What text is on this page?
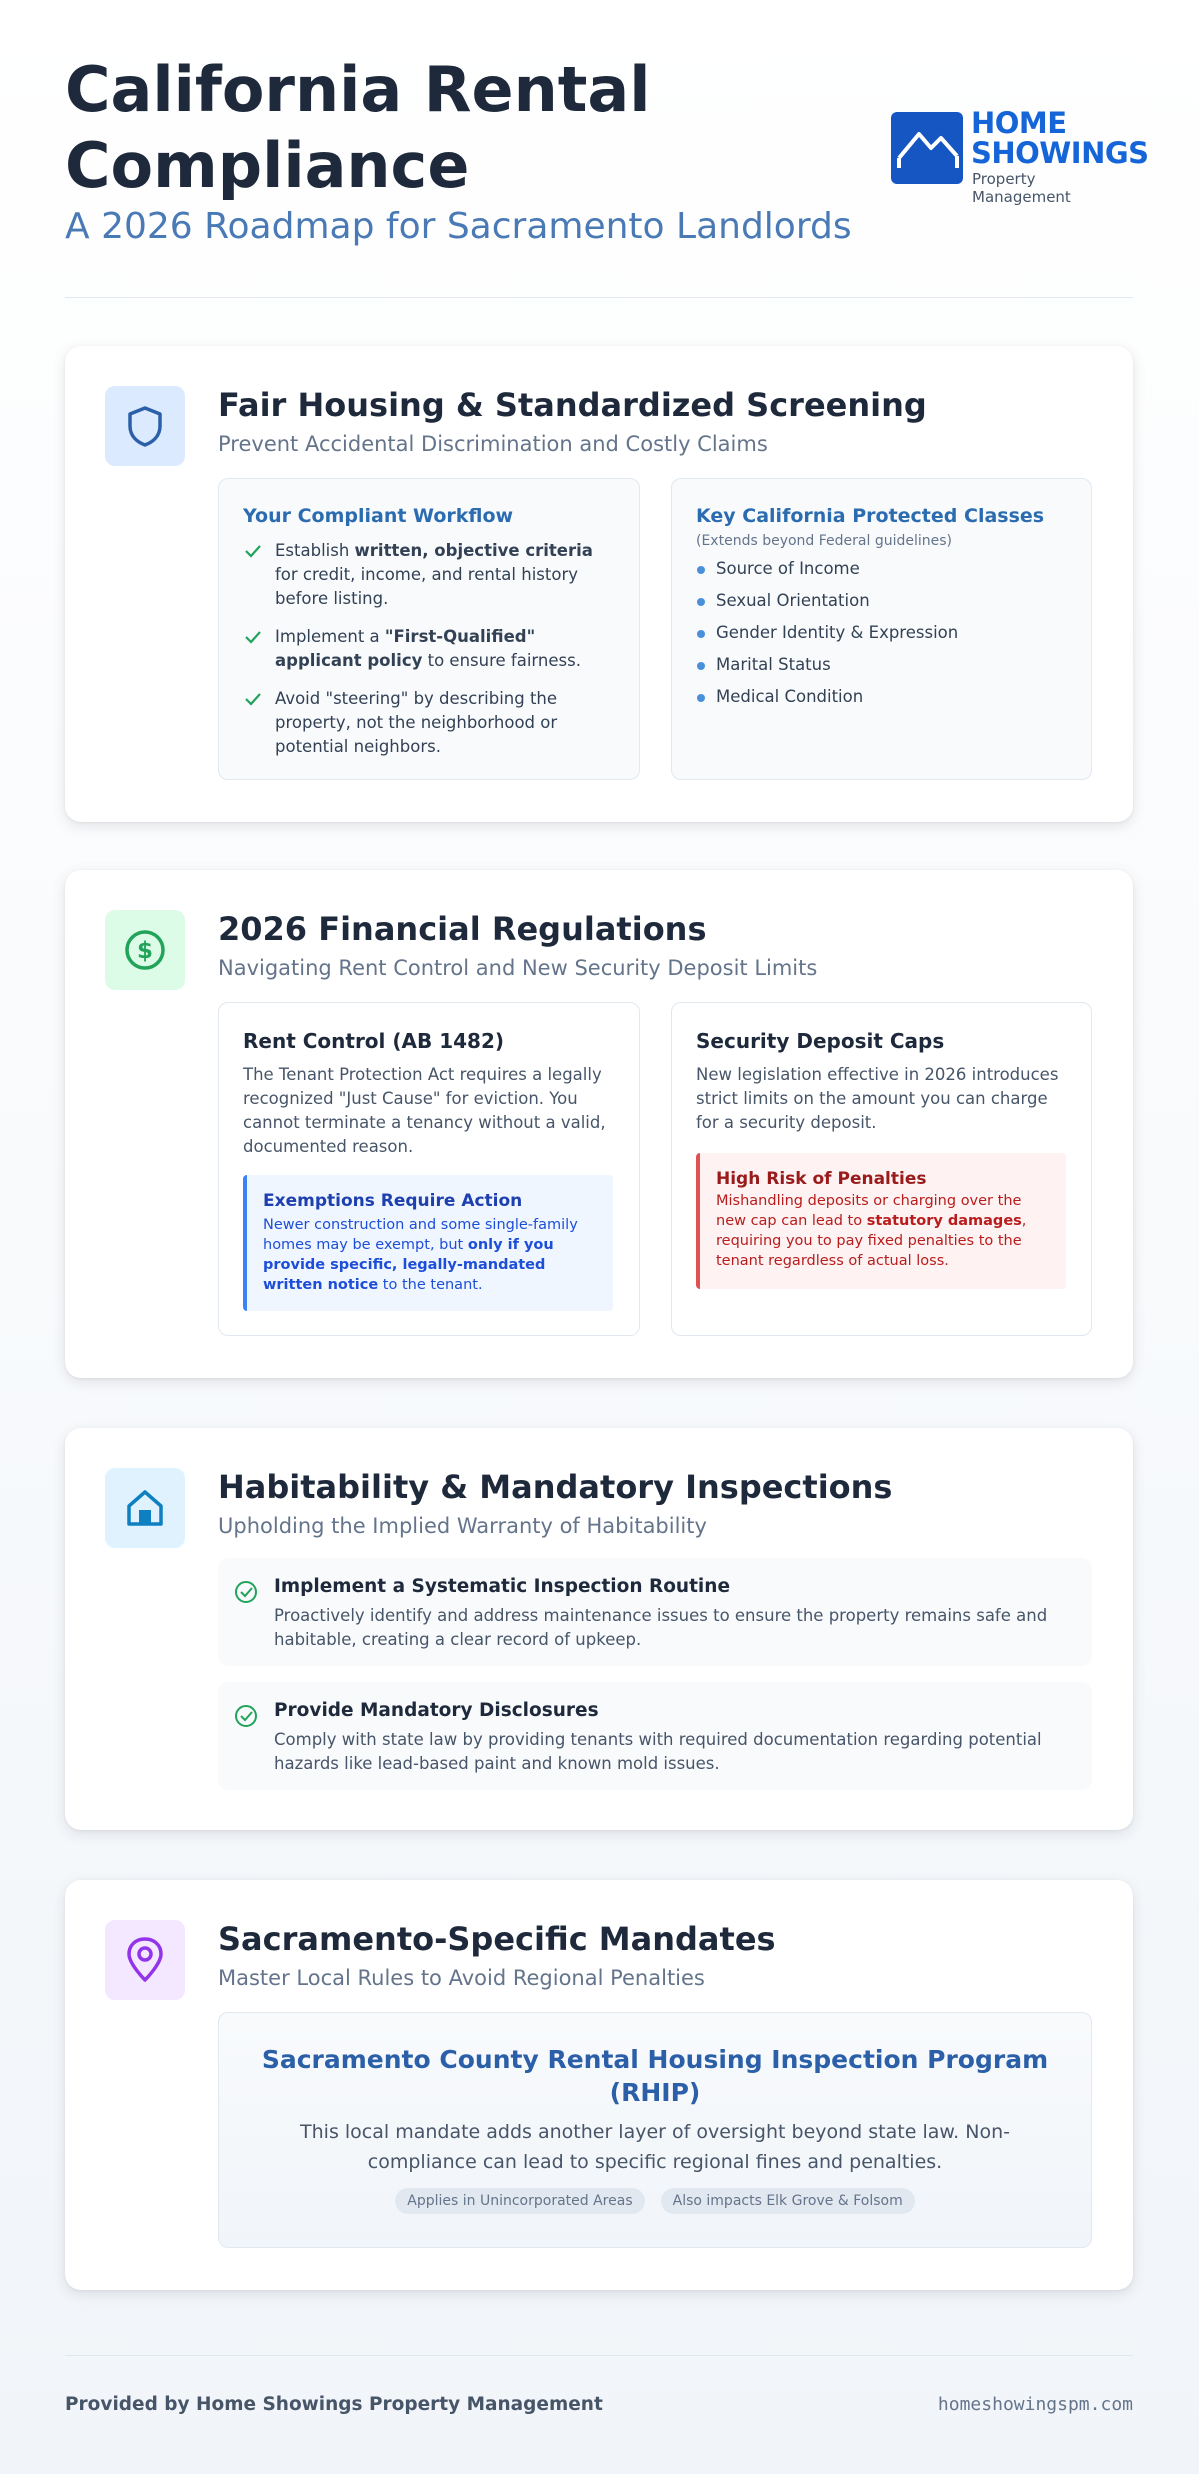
California Rental Compliance
A 2026 Roadmap for Sacramento Landlords
HOME
SHOWINGS
Property Management
Fair Housing & Standardized Screening
Prevent Accidental Discrimination and Costly Claims
Your Compliant Workflow
Establish written, objective criteria for credit, income, and rental history before listing.
Implement a "First-Qualified" applicant policy to ensure fairness.
Avoid "steering" by describing the property, not the neighborhood or potential neighbors.
Key California Protected Classes
(Extends beyond Federal guidelines)
Source of Income
Sexual Orientation
Gender Identity & Expression
Marital Status
Medical Condition
$
2026 Financial Regulations
Navigating Rent Control and New Security Deposit Limits
Rent Control (AB 1482)
The Tenant Protection Act requires a legally recognized "Just Cause" for eviction. You cannot terminate a tenancy without a valid, documented reason.
Exemptions Require Action
Newer construction and some single-family homes may be exempt, but only if you provide specific, legally-mandated written notice to the tenant.
Security Deposit Caps
New legislation effective in 2026 introduces strict limits on the amount you can charge for a security deposit.
High Risk of Penalties
Mishandling deposits or charging over the new cap can lead to statutory damages, requiring you to pay fixed penalties to the tenant regardless of actual loss.
Habitability & Mandatory Inspections
Upholding the Implied Warranty of Habitability
Implement a Systematic Inspection Routine
Proactively identify and address maintenance issues to ensure the property remains safe and habitable, creating a clear record of upkeep.
Provide Mandatory Disclosures
Comply with state law by providing tenants with required documentation regarding potential hazards like lead-based paint and known mold issues.
Sacramento-Specific Mandates
Master Local Rules to Avoid Regional Penalties
Sacramento County Rental Housing Inspection Program (RHIP)
This local mandate adds another layer of oversight beyond state law. Non-compliance can lead to specific regional fines and penalties.
Applies in Unincorporated Areas	Also impacts Elk Grove & Folsom
Provided by Home Showings Property Management	homeshowingspm.com
